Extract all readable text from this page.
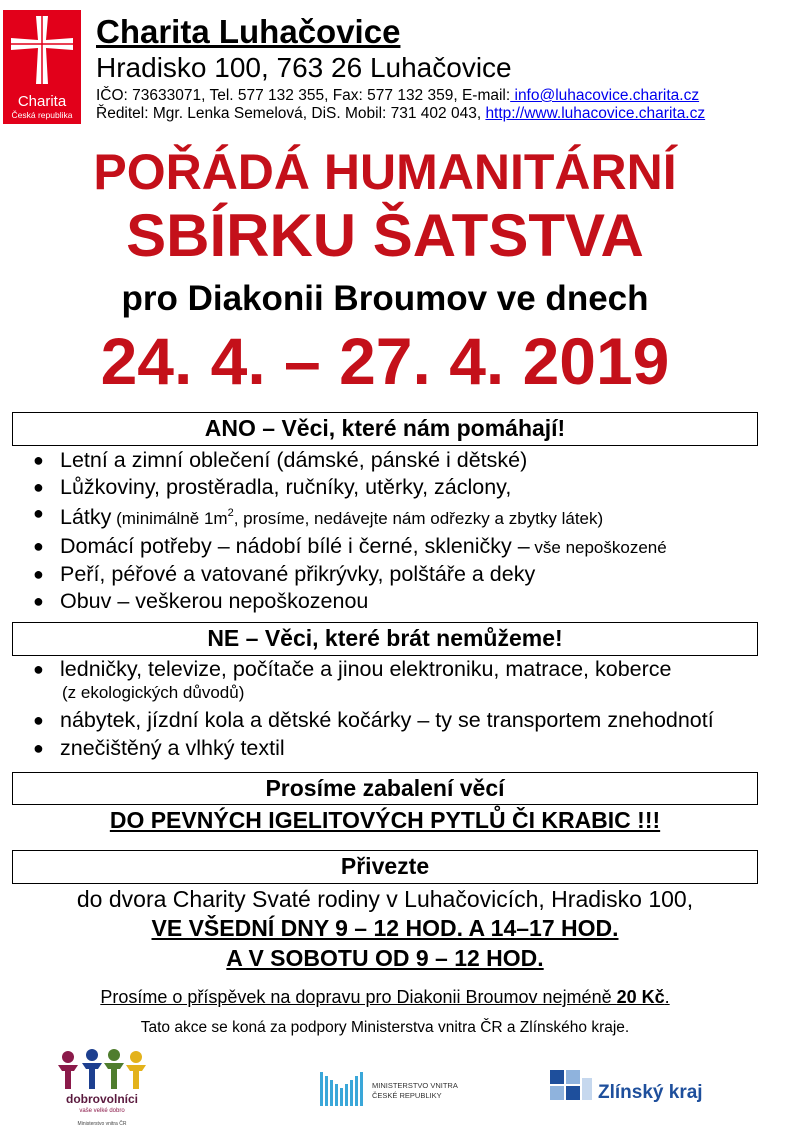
Charita
Česká republika
Charita Luhačovice
Hradisko 100, 763 26 Luhačovice
IČO: 73633071, Tel. 577 132 355, Fax: 577 132 359, E-mail: info@luhacovice.charita.cz
Ředitel: Mgr. Lenka Semelová, DiS. Mobil: 731 402 043, http://www.luhacovice.charita.cz
POŘÁDÁ HUMANITÁRNÍ
SBÍRKU ŠATSTVA
pro Diakonii Broumov ve dnech
24. 4. – 27. 4. 2019
ANO – Věci, které nám pomáhají!
● Letní a zimní oblečení (dámské, pánské i dětské)
● Lůžkoviny, prostěradla, ručníky, utěrky, záclony,
● Látky (minimálně $1m^2$, prosíme, nedávejte nám odřezky a zbytky látek)
● Domácí potřeby – nádobí bílé i černé, skleničky – vše nepoškozené
● Peří, péřové a vatované přikrývky, polštáře a deky
● Obuv – veškerou nepoškozenou
NE – Věci, které brát nemůžeme!
● ledničky, televize, počítače a jinou elektroniku, matrace, koberce
(z ekologických důvodů)
● nábytek, jízdní kola a dětské kočárky – ty se transportem znehodnotí
● znečištěný a vlhký textil
Prosíme zabalení věcí
DO PEVNÝCH IGELITOVÝCH PYTLŮ ČI KRABIC !!!
Přivezte
do dvora Charity Svaté rodiny v Luhačovicích, Hradisko 100,
VE VŠEDNÍ DNY 9 – 12 HOD. A 14–17 HOD.
A V SOBOTU OD 9 – 12 HOD.
Prosíme o příspěvek na dopravu pro Diakonii Broumov nejméně 20 Kč.
Tato akce se koná za podpory Ministerstva vnitra ČR a Zlínského kraje.
dobrovolníci
vaše velké dobro
Ministerstvo vnitra ČR
MINISTERSTVO VNITRA
ČESKÉ REPUBLIKY	Zlínský kraj
